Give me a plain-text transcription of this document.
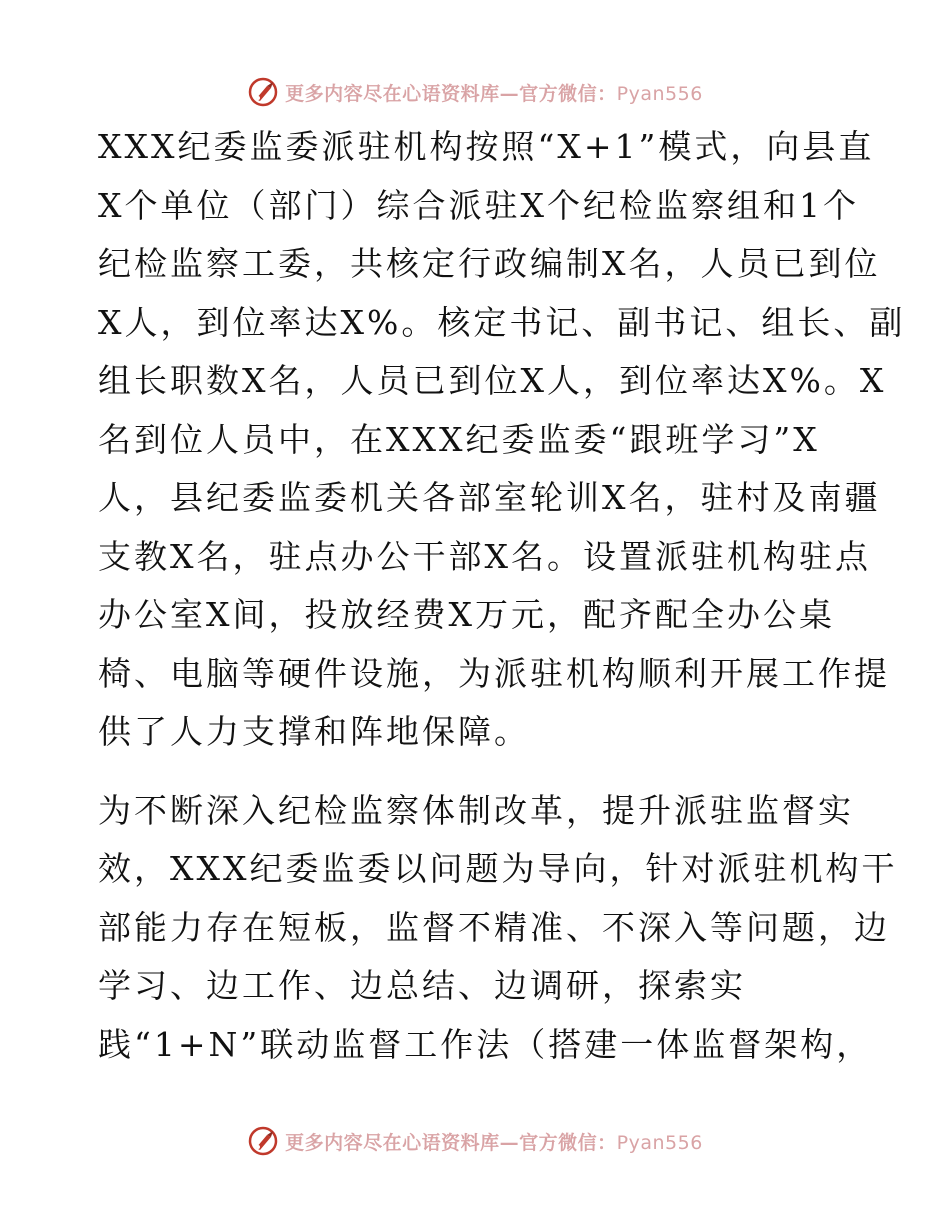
更多内容尽在心语资料库—官方微信：Pyan556

XXX纪委监委派驻机构按照“X+1”模式，向县直
X个单位（部门）综合派驻X个纪检监察组和1个
纪检监察工委，共核定行政编制X名，人员已到位
X人，到位率达X%。核定书记、副书记、组长、副
组长职数X名，人员已到位X人，到位率达X%。X
名到位人员中，在XXX纪委监委“跟班学习”X
人，县纪委监委机关各部室轮训X名，驻村及南疆
支教X名，驻点办公干部X名。设置派驻机构驻点
办公室X间，投放经费X万元，配齐配全办公桌
椅、电脑等硬件设施，为派驻机构顺利开展工作提
供了人力支撑和阵地保障。

为不断深入纪检监察体制改革，提升派驻监督实
效，XXX纪委监委以问题为导向，针对派驻机构干
部能力存在短板，监督不精准、不深入等问题，边
学习、边工作、边总结、边调研，探索实
践“1+N”联动监督工作法（搭建一体监督架构，

更多内容尽在心语资料库—官方微信：Pyan556
